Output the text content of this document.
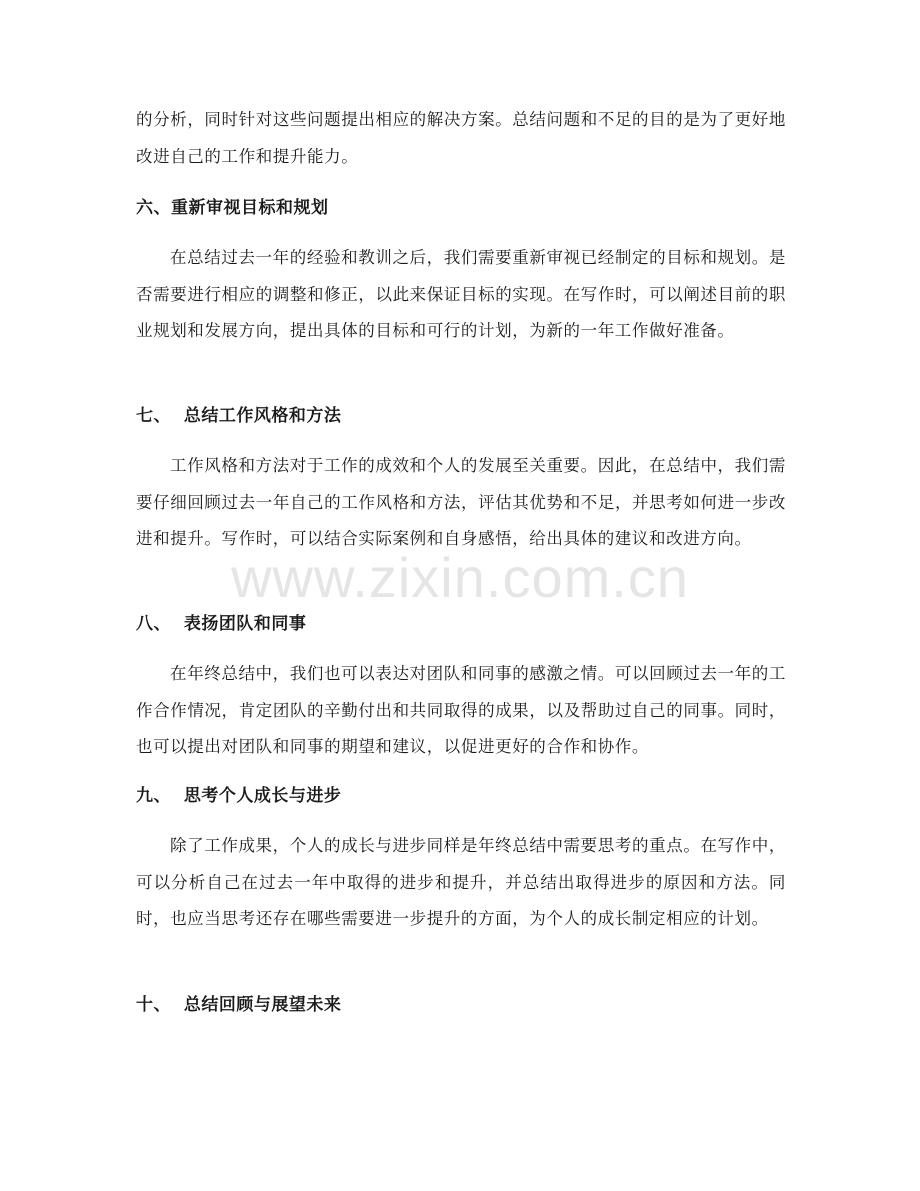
www.zixin.com.cn
的分析，同时针对这些问题提出相应的解决方案。总结问题和不足的目的是为了更好地改进自己的工作和提升能力。
六、重新审视目标和规划
在总结过去一年的经验和教训之后，我们需要重新审视已经制定的目标和规划。是否需要进行相应的调整和修正，以此来保证目标的实现。在写作时，可以阐述目前的职业规划和发展方向，提出具体的目标和可行的计划，为新的一年工作做好准备。
七、  总结工作风格和方法
工作风格和方法对于工作的成效和个人的发展至关重要。因此，在总结中，我们需要仔细回顾过去一年自己的工作风格和方法，评估其优势和不足，并思考如何进一步改进和提升。写作时，可以结合实际案例和自身感悟，给出具体的建议和改进方向。
八、  表扬团队和同事
在年终总结中，我们也可以表达对团队和同事的感激之情。可以回顾过去一年的工作合作情况，肯定团队的辛勤付出和共同取得的成果，以及帮助过自己的同事。同时，也可以提出对团队和同事的期望和建议，以促进更好的合作和协作。
九、  思考个人成长与进步
除了工作成果，个人的成长与进步同样是年终总结中需要思考的重点。在写作中，可以分析自己在过去一年中取得的进步和提升，并总结出取得进步的原因和方法。同时，也应当思考还存在哪些需要进一步提升的方面，为个人的成长制定相应的计划。
十、  总结回顾与展望未来
